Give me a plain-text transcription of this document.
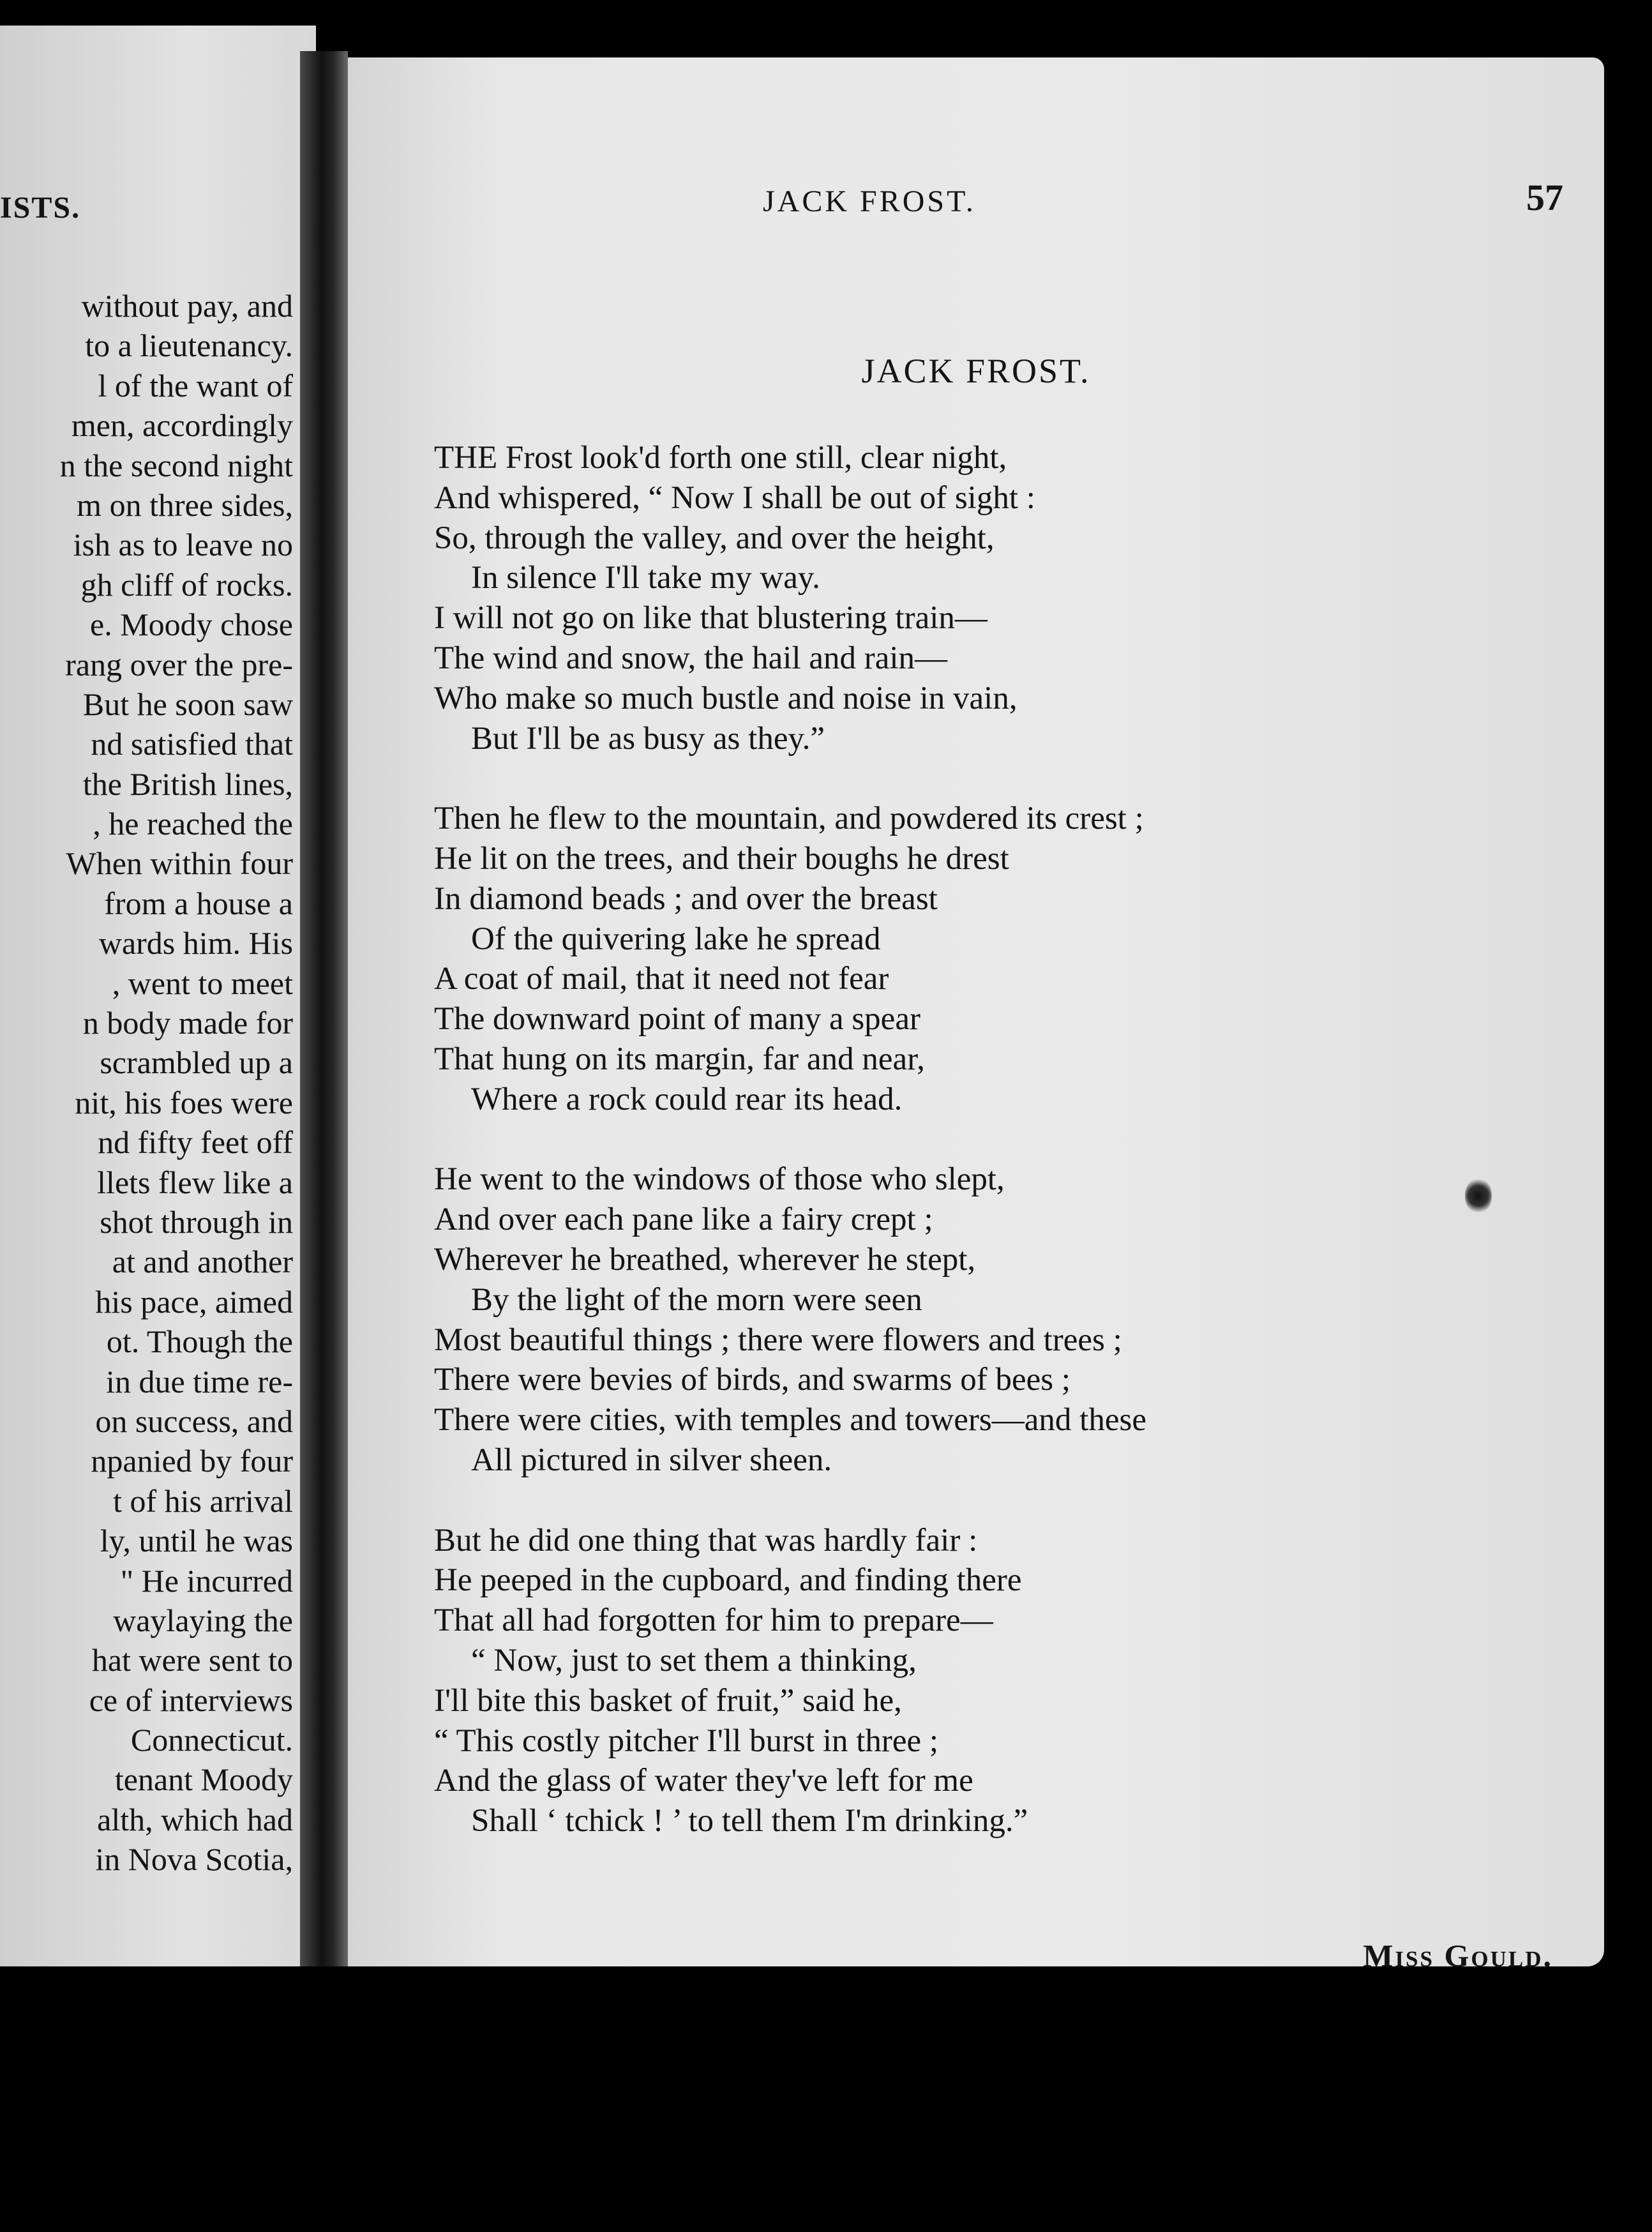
ISTS.
without pay, and
to a lieutenancy.
l of the want of
men, accordingly
n the second night
m on three sides,
ish as to leave no
gh cliff of rocks.
e. Moody chose
rang over the pre-
But he soon saw
nd satisfied that
the British lines,
, he reached the
When within four
from a house a
wards him. His
, went to meet
n body made for
scrambled up a
nit, his foes were
nd fifty feet off
llets flew like a
shot through in
at and another
his pace, aimed
ot. Though the
in due time re-
on success, and
npanied by four
t of his arrival
ly, until he was
" He incurred
waylaying the
hat were sent to
ce of interviews
Connecticut.
tenant Moody
alth, which had
in Nova Scotia,
JACK FROST.	57
JACK FROST.
THE Frost look'd forth one still, clear night,
And whispered, “ Now I shall be out of sight :
So, through the valley, and over the height,
In silence I'll take my way.
I will not go on like that blustering train—
The wind and snow, the hail and rain—
Who make so much bustle and noise in vain,
But I'll be as busy as they.”
Then he flew to the mountain, and powdered its crest ;
He lit on the trees, and their boughs he drest
In diamond beads ; and over the breast
Of the quivering lake he spread
A coat of mail, that it need not fear
The downward point of many a spear
That hung on its margin, far and near,
Where a rock could rear its head.
He went to the windows of those who slept,
And over each pane like a fairy crept ;
Wherever he breathed, wherever he stept,
By the light of the morn were seen
Most beautiful things ; there were flowers and trees ;
There were bevies of birds, and swarms of bees ;
There were cities, with temples and towers—and these
All pictured in silver sheen.
But he did one thing that was hardly fair :
He peeped in the cupboard, and finding there
That all had forgotten for him to prepare—
“ Now, just to set them a thinking,
I'll bite this basket of fruit,” said he,
“ This costly pitcher I'll burst in three ;
And the glass of water they've left for me
Shall ‘ tchick ! ’ to tell them I'm drinking.”
Miss Gould.
